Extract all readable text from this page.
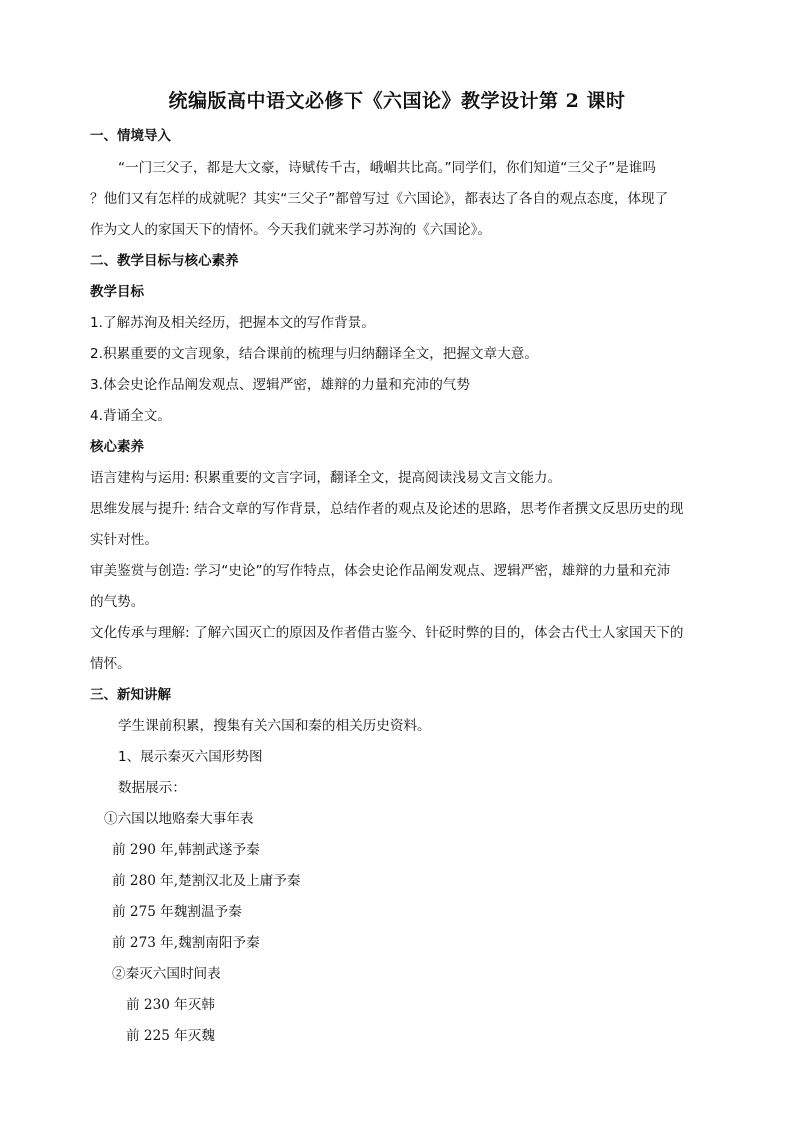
统编版高中语文必修下《六国论》教学设计第 2 课时
一、情境导入
“一门三父子，都是大文豪，诗赋传千古，峨嵋共比高。”同学们，你们知道“三父子”是谁吗
？他们又有怎样的成就呢？其实“三父子”都曾写过《六国论》，都表达了各自的观点态度，体现了
作为文人的家国天下的情怀。今天我们就来学习苏洵的《六国论》。
二、教学目标与核心素养
教学目标
1.了解苏洵及相关经历，把握本文的写作背景。
2.积累重要的文言现象，结合课前的梳理与归纳翻译全文，把握文章大意。
3.体会史论作品阐发观点、逻辑严密，雄辩的力量和充沛的气势
4.背诵全文。
核心素养
语言建构与运用: 积累重要的文言字词，翻译全文，提高阅读浅易文言文能力。
思维发展与提升: 结合文章的写作背景，总结作者的观点及论述的思路，思考作者撰文反思历史的现
实针对性。
审美鉴赏与创造: 学习“史论”的写作特点，体会史论作品阐发观点、逻辑严密，雄辩的力量和充沛
的气势。
文化传承与理解: 了解六国灭亡的原因及作者借古鉴今、针砭时弊的目的，体会古代士人家国天下的
情怀。
三、新知讲解
学生课前积累，搜集有关六国和秦的相关历史资料。
1、展示秦灭六国形势图
数据展示：
①六国以地赂秦大事年表
前 290 年,韩割武遂予秦
前 280 年,楚割汉北及上庸予秦
前 275 年魏割温予秦
前 273 年,魏割南阳予秦
②秦灭六国时间表
前 230 年灭韩
前 225 年灭魏
